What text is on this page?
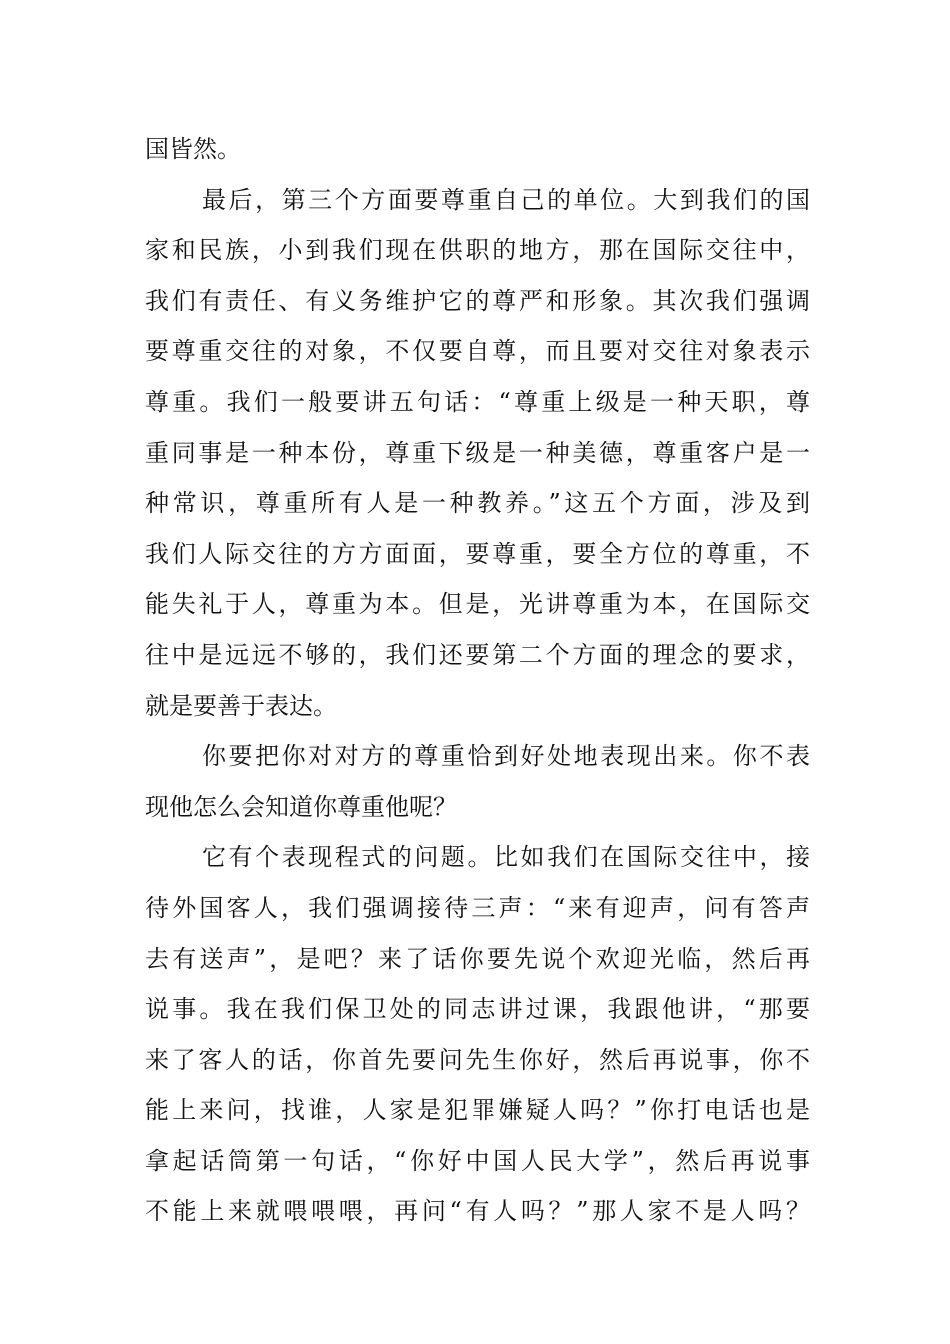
国皆然。
最后，第三个方面要尊重自己的单位。大到我们的国
家和民族，小到我们现在供职的地方，那在国际交往中，
我们有责任、有义务维护它的尊严和形象。其次我们强调
要尊重交往的对象，不仅要自尊，而且要对交往对象表示
尊重。我们一般要讲五句话：“尊重上级是一种天职，尊
重同事是一种本份，尊重下级是一种美德，尊重客户是一
种常识，尊重所有人是一种教养。”这五个方面，涉及到
我们人际交往的方方面面，要尊重，要全方位的尊重，不
能失礼于人，尊重为本。但是，光讲尊重为本，在国际交
往中是远远不够的，我们还要第二个方面的理念的要求，
就是要善于表达。
你要把你对对方的尊重恰到好处地表现出来。你不表
现他怎么会知道你尊重他呢？
它有个表现程式的问题。比如我们在国际交往中，接
待外国客人，我们强调接待三声：“来有迎声，问有答声
去有送声”，是吧？来了话你要先说个欢迎光临，然后再
说事。我在我们保卫处的同志讲过课，我跟他讲，“那要
来了客人的话，你首先要问先生你好，然后再说事，你不
能上来问，找谁，人家是犯罪嫌疑人吗？”你打电话也是
拿起话筒第一句话，“你好中国人民大学”，然后再说事
不能上来就喂喂喂，再问“有人吗？”那人家不是人吗？
